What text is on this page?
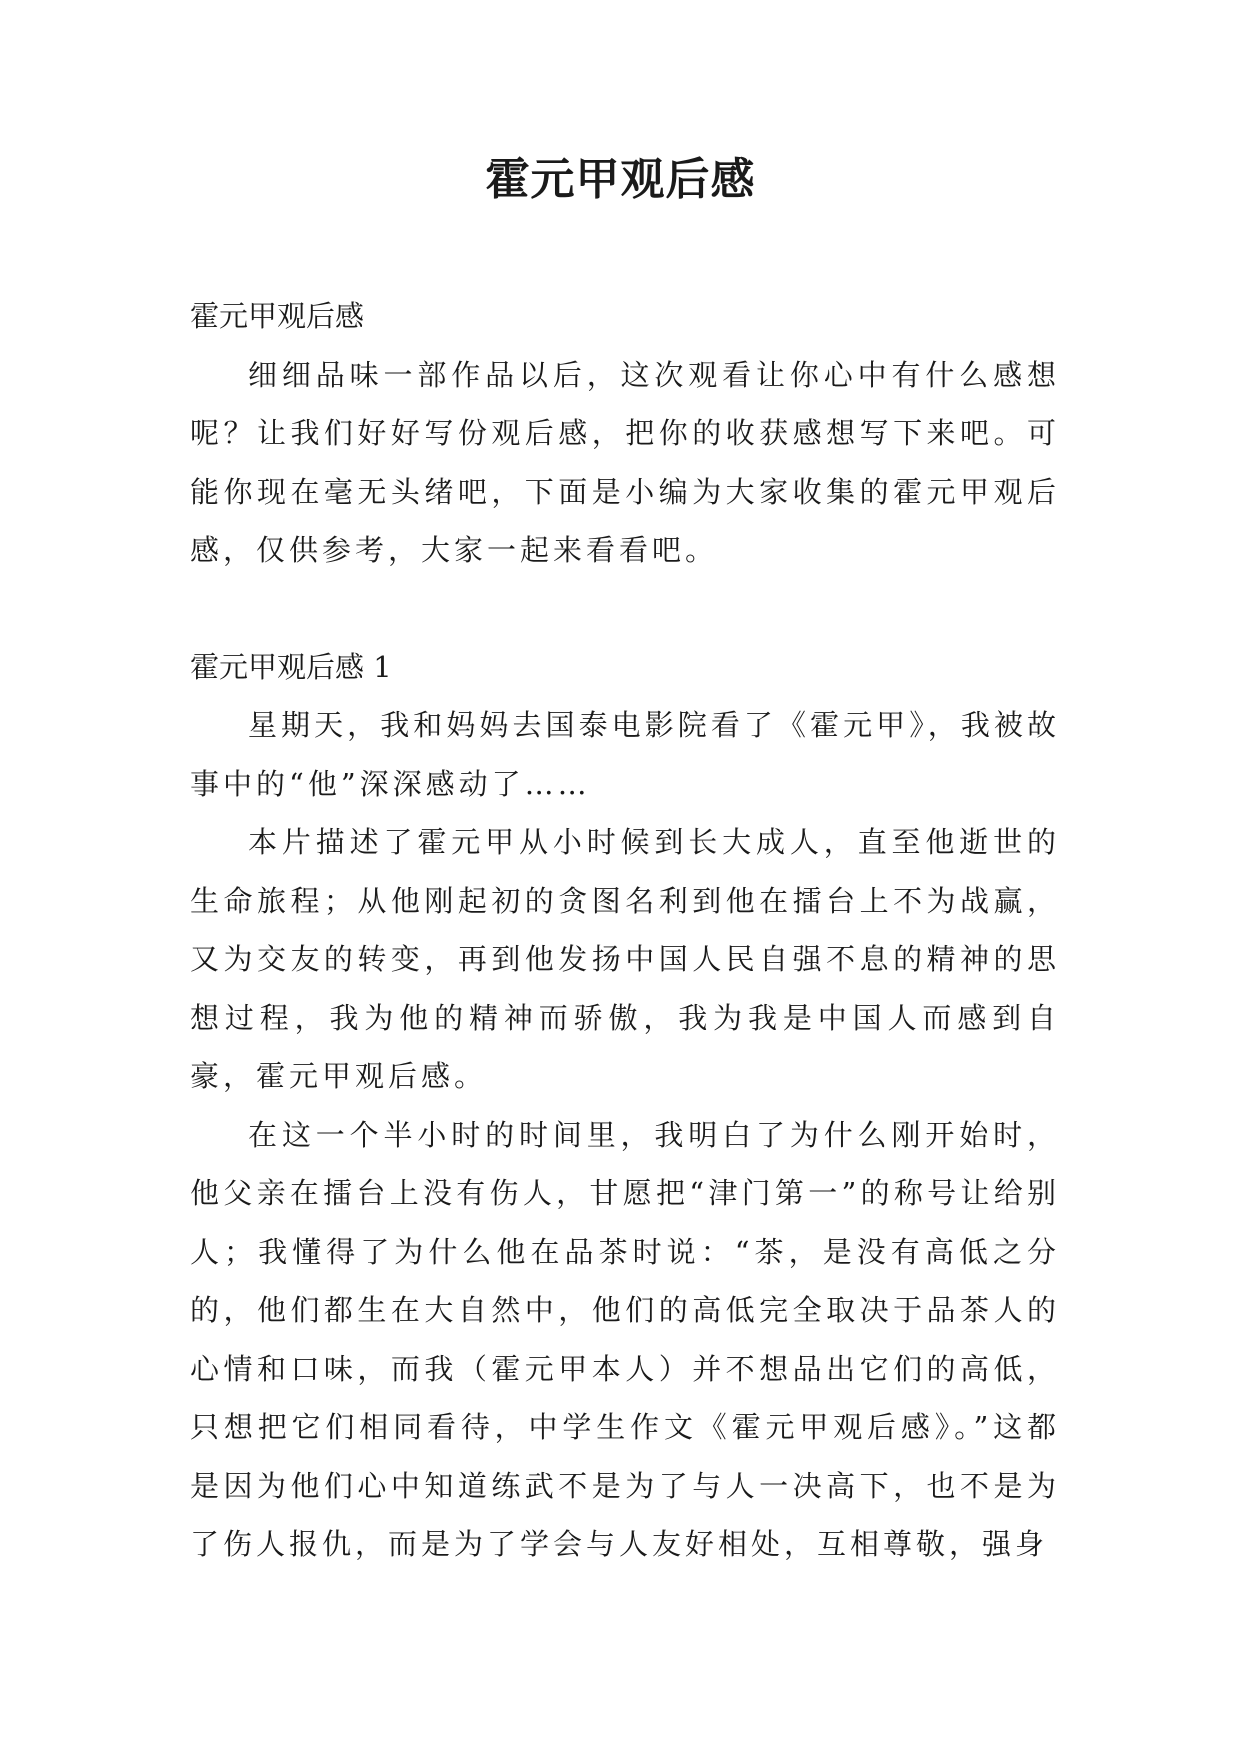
霍元甲观后感

霍元甲观后感

细细品味一部作品以后，这次观看让你心中有什么感想呢？让我们好好写份观后感，把你的收获感想写下来吧。可能你现在毫无头绪吧，下面是小编为大家收集的霍元甲观后感，仅供参考，大家一起来看看吧。

霍元甲观后感 1

星期天，我和妈妈去国泰电影院看了《霍元甲》，我被故事中的“他”深深感动了……

本片描述了霍元甲从小时候到长大成人，直至他逝世的生命旅程；从他刚起初的贪图名利到他在擂台上不为战赢，又为交友的转变，再到他发扬中国人民自强不息的精神的思想过程，我为他的精神而骄傲，我为我是中国人而感到自豪，霍元甲观后感。

在这一个半小时的时间里，我明白了为什么刚开始时，他父亲在擂台上没有伤人，甘愿把“津门第一”的称号让给别人；我懂得了为什么他在品茶时说：“茶，是没有高低之分的，他们都生在大自然中，他们的高低完全取决于品茶人的心情和口味，而我（霍元甲本人）并不想品出它们的高低，只想把它们相同看待，中学生作文《霍元甲观后感》。”这都是因为他们心中知道练武不是为了与人一决高下，也不是为了伤人报仇，而是为了学会与人友好相处，互相尊敬，强身
